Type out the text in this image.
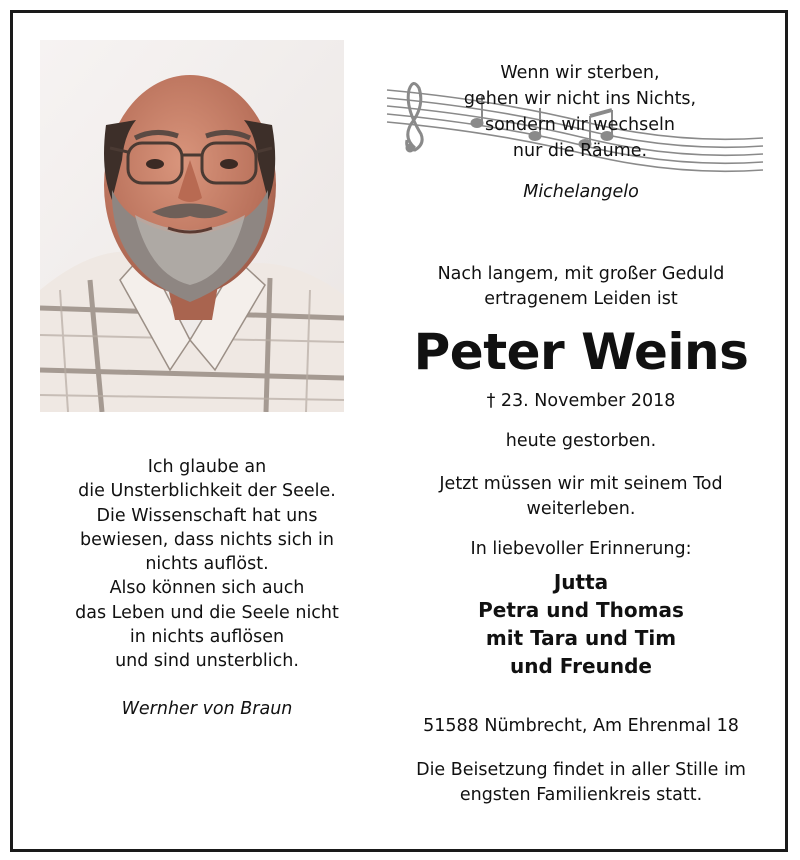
Wenn wir sterben,
gehen wir nicht ins Nichts,
sondern wir wechseln
nur die Räume.
Michelangelo
Nach langem, mit großer Geduld
ertragenem Leiden ist
Peter Weins
† 23. November 2018
heute gestorben.
Jetzt müssen wir mit seinem Tod
weiterleben.
In liebevoller Erinnerung:
Jutta
Petra und Thomas
mit Tara und Tim
und Freunde
51588 Nümbrecht, Am Ehrenmal 18
Die Beisetzung findet in aller Stille im
engsten Familienkreis statt.
Ich glaube an
die Unsterblichkeit der Seele.
Die Wissenschaft hat uns
bewiesen, dass nichts sich in
nichts auflöst.
Also können sich auch
das Leben und die Seele nicht
in nichts auflösen
und sind unsterblich.
Wernher von Braun
